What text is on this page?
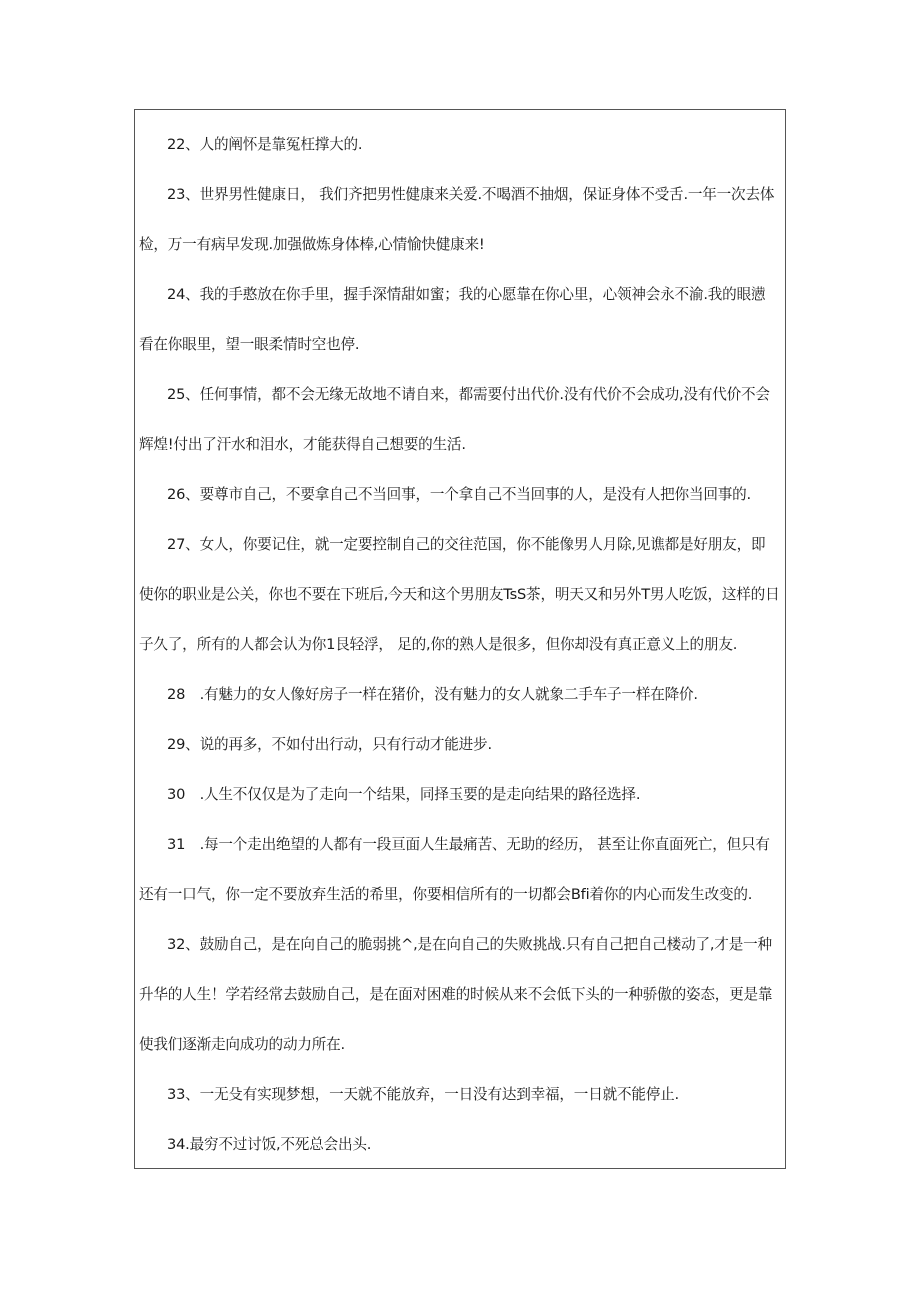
22、人的阐怀是靠冤枉撑大的.
23、世界男性健康日， 我们齐把男性健康来关爱.不喝酒不抽烟，保证身体不受舌.一年一次去体
检，万一有病早发现.加强做炼身体棒,心情愉快健康来!
24、我的手憨放在你手里，握手深情甜如蜜；我的心愿靠在你心里，心领神会永不渝.我的眼懑
看在你眼里，望一眼柔情时空也停.
25、任何事情，都不会无缘无故地不请自来，都需要付出代价.没有代价不会成功,没有代价不会
辉煌!付出了汗水和泪水，才能获得自己想要的生活.
26、要尊市自己，不要拿自己不当回事，一个拿自己不当回事的人，是没有人把你当回事的.
27、女人，你要记住，就一定要控制自己的交往范国，你不能像男人月除,见谯都是好朋友，即
使你的职业是公关，你也不要在下班后,今天和这个男朋友TsS茶，明天又和另外T男人吃饭，这样的日
子久了，所有的人都会认为你1艮轻浮， 足的,你的熟人是很多，但你却没有真正意义上的朋友.
28　.有魅力的女人像好房子一样在猪价，没有魅力的女人就象二手车子一样在降价.
29、说的再多，不如付出行动，只有行动才能进步.
30　.人生不仅仅是为了走向一个结果，同择玉要的是走向结果的路径选择.
31　.每一个走出绝望的人都有一段亘面人生最痛苦、无助的经历， 甚至让你直面死亡，但只有
还有一口气，你一定不要放弃生活的希里，你要相信所有的一切都会Bfi着你的内心而发生改变的.
32、鼓励自己，是在向自己的脆弱挑^,是在向自己的失败挑战.只有自己把自己楼动了,才是一种
升华的人生！学若经常去鼓励自己，是在面对困难的时候从来不会低下头的一种骄傲的姿态，更是靠
使我们逐渐走向成功的动力所在.
33、一无殳有实现梦想，一天就不能放弃，一日没有达到幸福，一日就不能停止.
34.最穷不过讨饭,不死总会出头.
